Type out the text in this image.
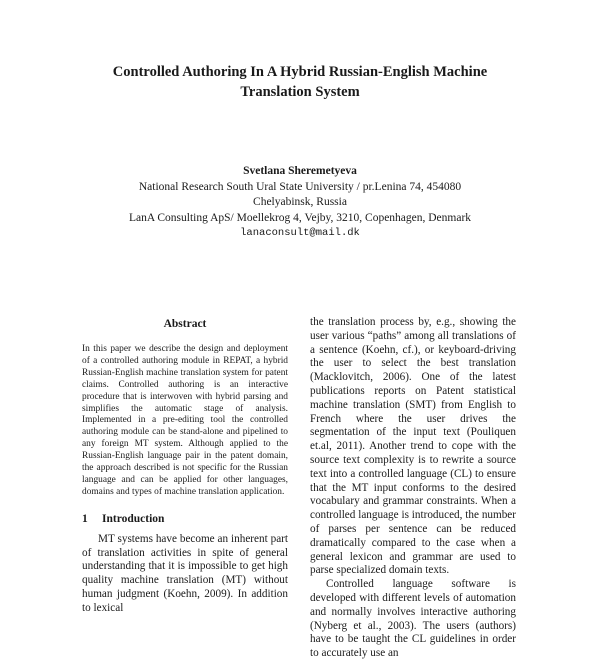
Controlled Authoring In A Hybrid Russian-English Machine
Translation System
Svetlana Sheremetyeva
National Research South Ural State University / pr.Lenina 74, 454080
Chelyabinsk, Russia
LanA Consulting ApS/ Moellekrog 4, Vejby, 3210, Copenhagen, Denmark
lanaconsult@mail.dk
Abstract

In this paper we describe the design and deployment of a controlled authoring module in REPAT, a hybrid Russian-English machine translation system for patent claims. Controlled authoring is an interactive procedure that is interwoven with hybrid parsing and simplifies the automatic stage of analysis. Implemented in a pre-editing tool the controlled authoring module can be stand-alone and pipelined to any foreign MT system. Although applied to the Russian-English language pair in the patent domain, the approach described is not specific for the Russian language and can be applied for other languages, domains and types of machine translation application.

1 Introduction

MT systems have become an inherent part of translation activities in spite of general understanding that it is impossible to get high quality machine translation (MT) without human judgment (Koehn, 2009). In addition to lexical

the translation process by, e.g., showing the user various “paths” among all translations of a sentence (Koehn, cf.), or keyboard-driving the user to select the best translation (Macklovitch, 2006). One of the latest publications reports on Patent statistical machine translation (SMT) from English to French where the user drives the segmentation of the input text (Pouliquen et.al, 2011). Another trend to cope with the source text complexity is to rewrite a source text into a controlled language (CL) to ensure that the MT input conforms to the desired vocabulary and grammar constraints. When a controlled language is introduced, the number of parses per sentence can be reduced dramatically compared to the case when a general lexicon and grammar are used to parse specialized domain texts.

Controlled language software is developed with different levels of automation and normally involves interactive authoring (Nyberg et al., 2003). The users (authors) have to be taught the CL guidelines in order to accurately use an
